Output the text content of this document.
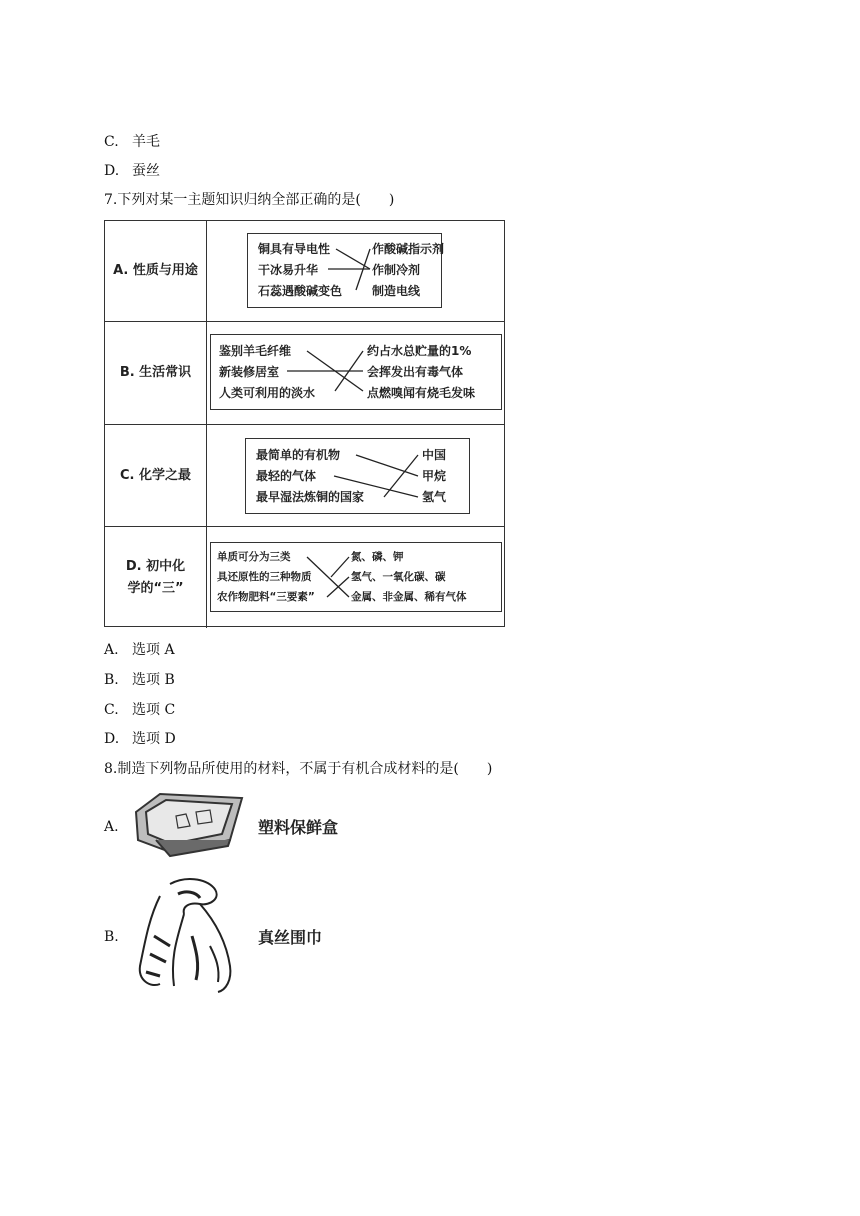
C. 羊毛
D. 蚕丝
7.下列对某一主题知识归纳全部正确的是(　　)
A. 性质与用途
铜具有导电性
干冰易升华
石蕊遇酸碱变色
作酸碱指示剂
作制冷剂
制造电线
B. 生活常识
鉴别羊毛纤维
新装修居室
人类可利用的淡水
约占水总贮量的1%
会挥发出有毒气体
点燃嗅闻有烧毛发味
C. 化学之最
最简单的有机物
最轻的气体
最早湿法炼铜的国家
中国
甲烷
氢气
D. 初中化
学的“三”
单质可分为三类
具还原性的三种物质
农作物肥料“三要素”
氮、磷、钾
氢气、一氧化碳、碳
金属、非金属、稀有气体
A. 选项 A
B. 选项 B
C. 选项 C
D. 选项 D
8.制造下列物品所使用的材料，不属于有机合成材料的是(　　)
A.	塑料保鲜盒
B.	真丝围巾
